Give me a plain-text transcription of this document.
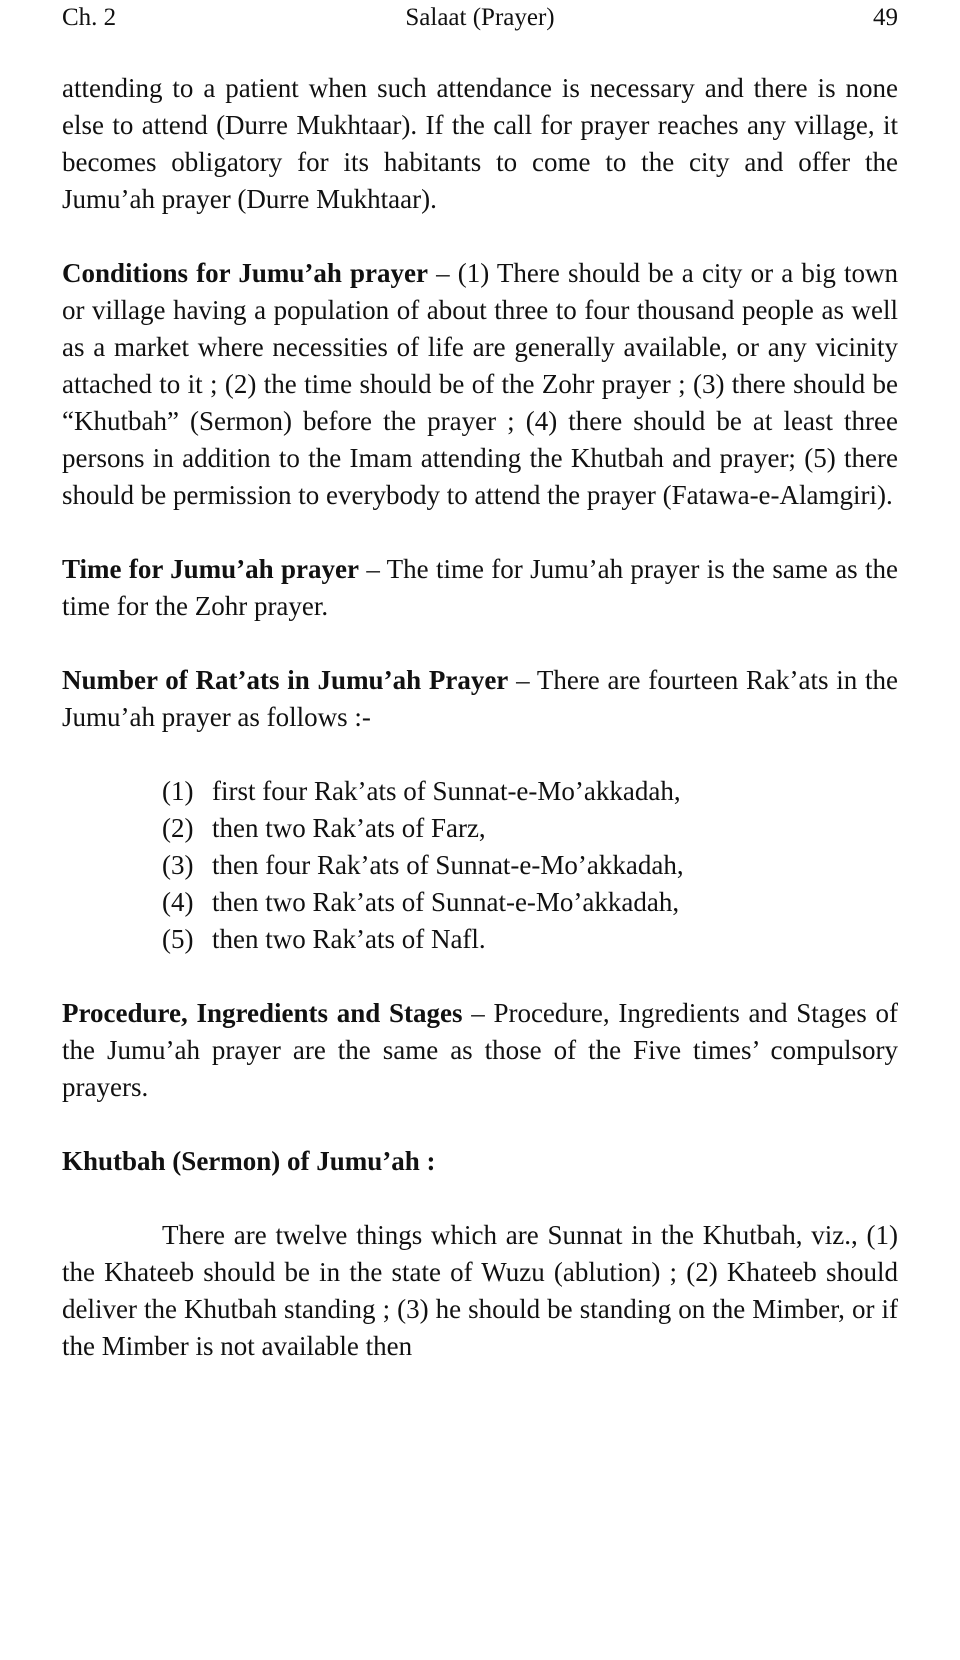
Ch. 2	Salaat (Prayer)	49

attending to a patient when such attendance is necessary and there is none else to attend (Durre Mukhtaar). If the call for prayer reaches any village, it becomes obligatory for its habitants to come to the city and offer the Jumu’ah prayer (Durre Mukhtaar).

Conditions for Jumu’ah prayer – (1) There should be a city or a big town or village having a population of about three to four thousand people as well as a market where necessities of life are generally available, or any vicinity attached to it ; (2) the time should be of the Zohr prayer ; (3) there should be “Khutbah” (Sermon) before the prayer ; (4) there should be at least three persons in addition to the Imam attending the Khutbah and prayer; (5) there should be permission to everybody to attend the prayer (Fatawa-e-Alamgiri).

Time for Jumu’ah prayer – The time for Jumu’ah prayer is the same as the time for the Zohr prayer.

Number of Rat’ats in Jumu’ah Prayer – There are fourteen Rak’ats in the Jumu’ah prayer as follows :-

(1) first four Rak’ats of Sunnat-e-Mo’akkadah,
(2) then two Rak’ats of Farz,
(3) then four Rak’ats of Sunnat-e-Mo’akkadah,
(4) then two Rak’ats of Sunnat-e-Mo’akkadah,
(5) then two Rak’ats of Nafl.

Procedure, Ingredients and Stages – Procedure, Ingredients and Stages of the Jumu’ah prayer are the same as those of the Five times’ compulsory prayers.

Khutbah (Sermon) of Jumu’ah :

There are twelve things which are Sunnat in the Khutbah, viz., (1) the Khateeb should be in the state of Wuzu (ablution) ; (2) Khateeb should deliver the Khutbah standing ; (3) he should be standing on the Mimber, or if the Mimber is not available then
